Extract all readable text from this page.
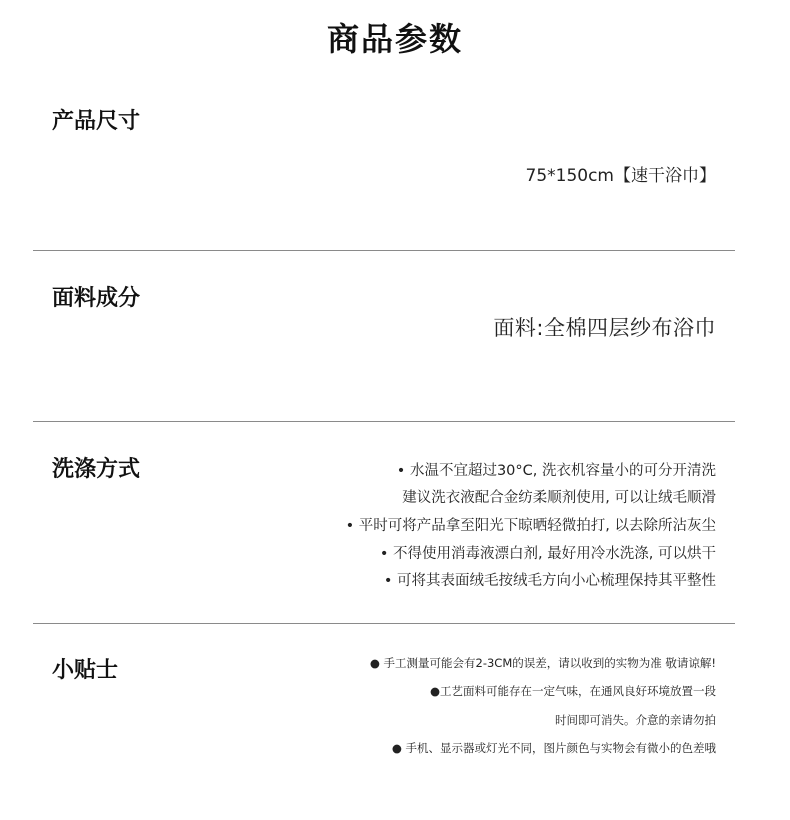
商品参数
产品尺寸
75*150cm【速干浴巾】
面料成分
面料:全棉四层纱布浴巾
洗涤方式	• 水温不宜超过30°C, 洗衣机容量小的可分开清洗
建议洗衣液配合金纺柔顺剂使用, 可以让绒毛顺滑
• 平时可将产品拿至阳光下晾晒轻微拍打, 以去除所沾灰尘
• 不得使用消毒液漂白剂, 最好用冷水洗涤, 可以烘干
• 可将其表面绒毛按绒毛方向小心梳理保持其平整性
小贴士	● 手工测量可能会有2-3CM的误差，请以收到的实物为准 敬请谅解!
●工艺面料可能存在一定气味，在通风良好环境放置一段
时间即可消失。介意的亲请勿拍
● 手机、显示器或灯光不同，图片颜色与实物会有微小的色差哦
